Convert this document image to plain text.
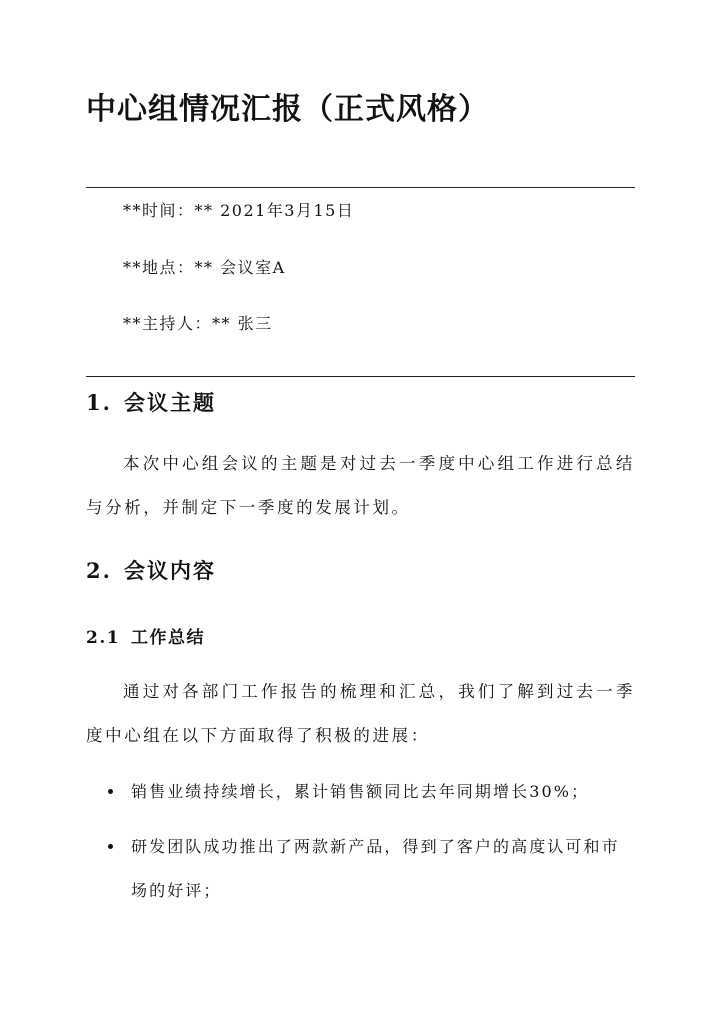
中心组情况汇报（正式风格）
**时间：** 2021年3月15日
**地点：** 会议室A
**主持人：** 张三
1. 会议主题
本次中心组会议的主题是对过去一季度中心组工作进行总结与分析，并制定下一季度的发展计划。
2. 会议内容
2.1 工作总结
通过对各部门工作报告的梳理和汇总，我们了解到过去一季度中心组在以下方面取得了积极的进展：
销售业绩持续增长，累计销售额同比去年同期增长30%；
研发团队成功推出了两款新产品，得到了客户的高度认可和市场的好评；
